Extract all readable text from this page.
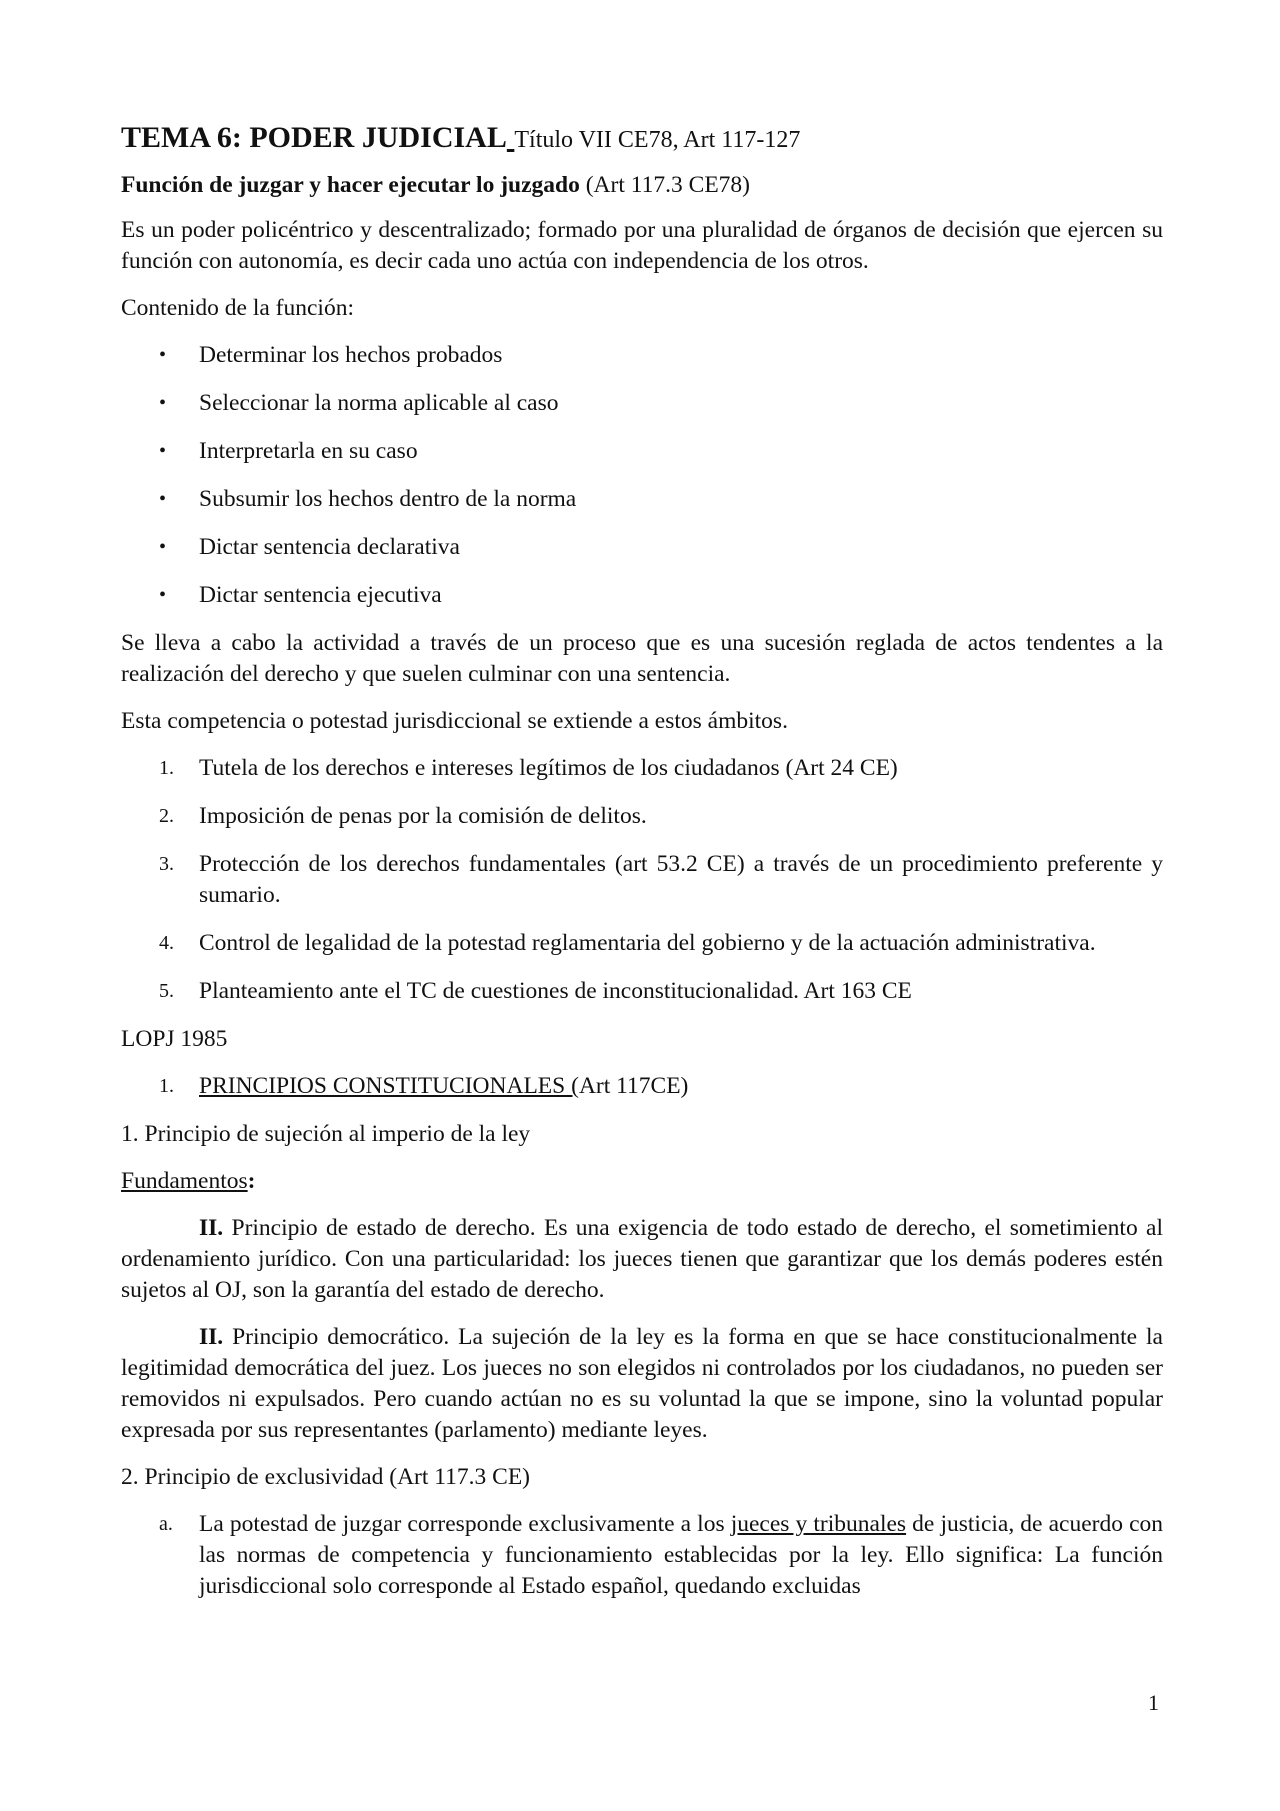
TEMA 6: PODER JUDICIAL Título VII CE78, Art 117-127

Función de juzgar y hacer ejecutar lo juzgado (Art 117.3 CE78)

Es un poder policéntrico y descentralizado; formado por una pluralidad de órganos de decisión que ejercen su función con autonomía, es decir cada uno actúa con independencia de los otros.

Contenido de la función:

• Determinar los hechos probados
• Seleccionar la norma aplicable al caso
• Interpretarla en su caso
• Subsumir los hechos dentro de la norma
• Dictar sentencia declarativa
• Dictar sentencia ejecutiva

Se lleva a cabo la actividad a través de un proceso que es una sucesión reglada de actos tendentes a la realización del derecho y que suelen culminar con una sentencia.

Esta competencia o potestad jurisdiccional se extiende a estos ámbitos.

1. Tutela de los derechos e intereses legítimos de los ciudadanos (Art 24 CE)
2. Imposición de penas por la comisión de delitos.
3. Protección de los derechos fundamentales (art 53.2 CE) a través de un procedimiento preferente y sumario.
4. Control de legalidad de la potestad reglamentaria del gobierno y de la actuación administrativa.
5. Planteamiento ante el TC de cuestiones de inconstitucionalidad. Art 163 CE

LOPJ 1985

1. PRINCIPIOS CONSTITUCIONALES (Art 117CE)

1. Principio de sujeción al imperio de la ley

Fundamentos:

II. Principio de estado de derecho. Es una exigencia de todo estado de derecho, el sometimiento al ordenamiento jurídico. Con una particularidad: los jueces tienen que garantizar que los demás poderes estén sujetos al OJ, son la garantía del estado de derecho.

II. Principio democrático. La sujeción de la ley es la forma en que se hace constitucionalmente la legitimidad democrática del juez. Los jueces no son elegidos ni controlados por los ciudadanos, no pueden ser removidos ni expulsados. Pero cuando actúan no es su voluntad la que se impone, sino la voluntad popular expresada por sus representantes (parlamento) mediante leyes.

2. Principio de exclusividad (Art 117.3 CE)

a. La potestad de juzgar corresponde exclusivamente a los jueces y tribunales de justicia, de acuerdo con las normas de competencia y funcionamiento establecidas por la ley. Ello significa: La función jurisdiccional solo corresponde al Estado español, quedando excluidas
1
